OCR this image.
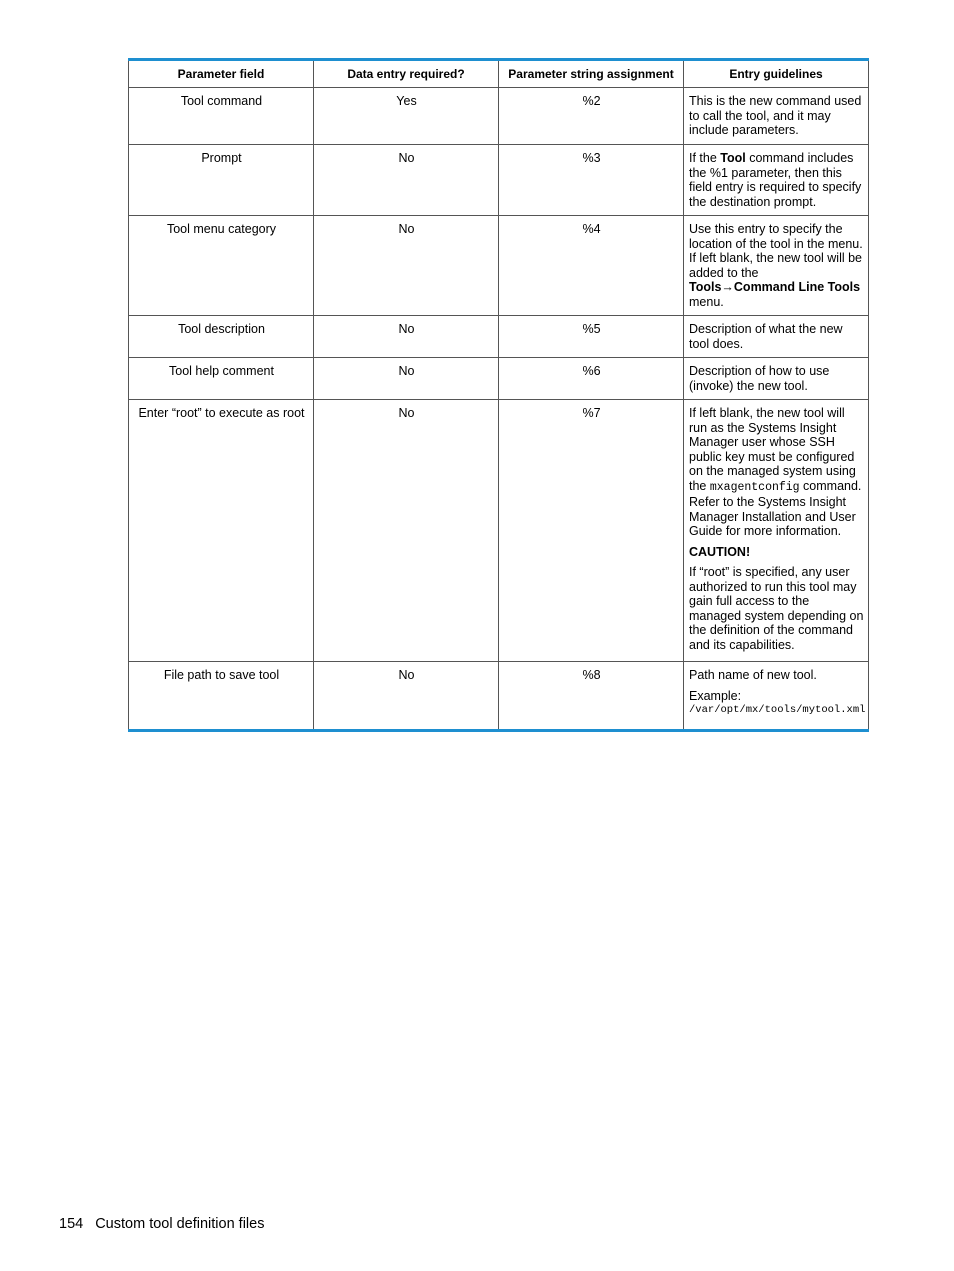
Parameter field	Data entry required?	Parameter string assignment	Entry guidelines
Tool command	Yes	%2	This is the new command used to call the tool, and it may include parameters.
Prompt	No	%3	If the Tool command includes the %1 parameter, then this field entry is required to specify the destination prompt.
Tool menu category	No	%4	Use this entry to specify the location of the tool in the menu. If left blank, the new tool will be added to the Tools→Command Line Tools menu.
Tool description	No	%5	Description of what the new tool does.
Tool help comment	No	%6	Description of how to use (invoke) the new tool.
Enter “root” to execute as root	No	%7	If left blank, the new tool will run as the Systems Insight Manager user whose SSH public key must be configured on the managed system using the mxagentconfig command. Refer to the Systems Insight Manager Installation and User Guide for more information.

CAUTION!

If “root” is specified, any user authorized to run this tool may gain full access to the managed system depending on the definition of the command and its capabilities.

File path to save tool	No	%8	Path name of new tool.

Example:

/var/opt/mx/tools/mytool.xml

154 Custom tool definition files
